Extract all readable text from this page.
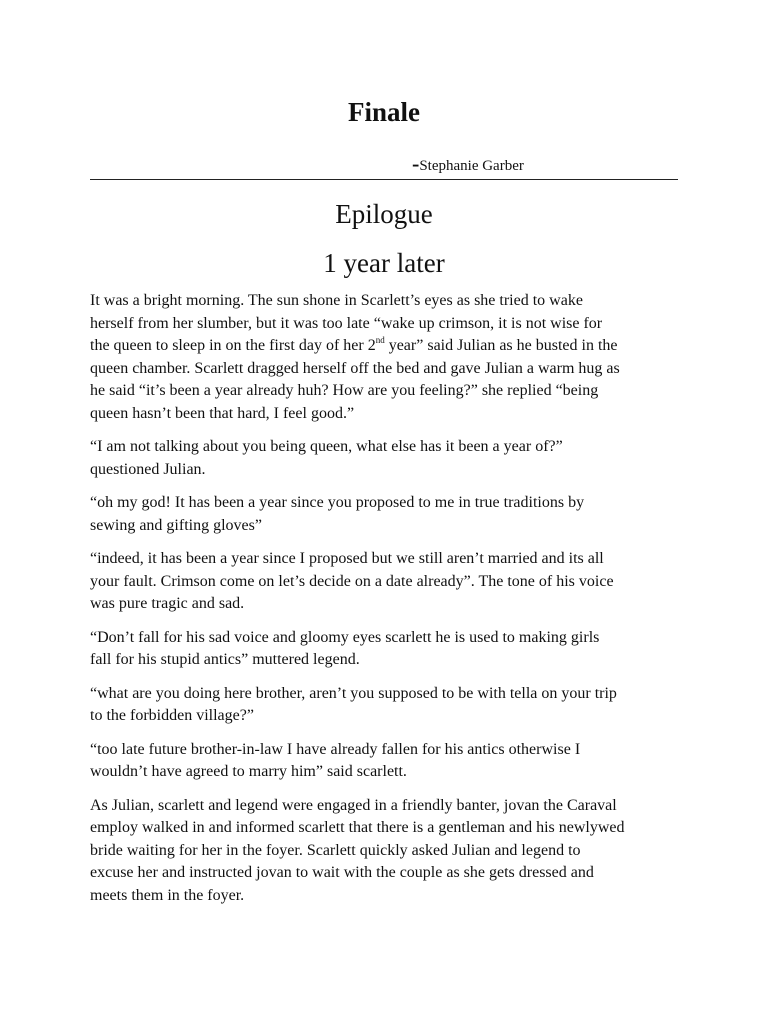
Finale
-Stephanie Garber
Epilogue
1 year later

It was a bright morning. The sun shone in Scarlett’s eyes as she tried to wake
herself from her slumber, but it was too late “wake up crimson, it is not wise for
the queen to sleep in on the first day of her 2nd year” said Julian as he busted in the
queen chamber. Scarlett dragged herself off the bed and gave Julian a warm hug as
he said “it’s been a year already huh? How are you feeling?” she replied “being
queen hasn’t been that hard, I feel good.”

“I am not talking about you being queen, what else has it been a year of?”
questioned Julian.

“oh my god! It has been a year since you proposed to me in true traditions by
sewing and gifting gloves”

“indeed, it has been a year since I proposed but we still aren’t married and its all
your fault. Crimson come on let’s decide on a date already”. The tone of his voice
was pure tragic and sad.

“Don’t fall for his sad voice and gloomy eyes scarlett he is used to making girls
fall for his stupid antics” muttered legend.

“what are you doing here brother, aren’t you supposed to be with tella on your trip
to the forbidden village?”

“too late future brother-in-law I have already fallen for his antics otherwise I
wouldn’t have agreed to marry him” said scarlett.

As Julian, scarlett and legend were engaged in a friendly banter, jovan the Caraval
employ walked in and informed scarlett that there is a gentleman and his newlywed
bride waiting for her in the foyer. Scarlett quickly asked Julian and legend to
excuse her and instructed jovan to wait with the couple as she gets dressed and
meets them in the foyer.
